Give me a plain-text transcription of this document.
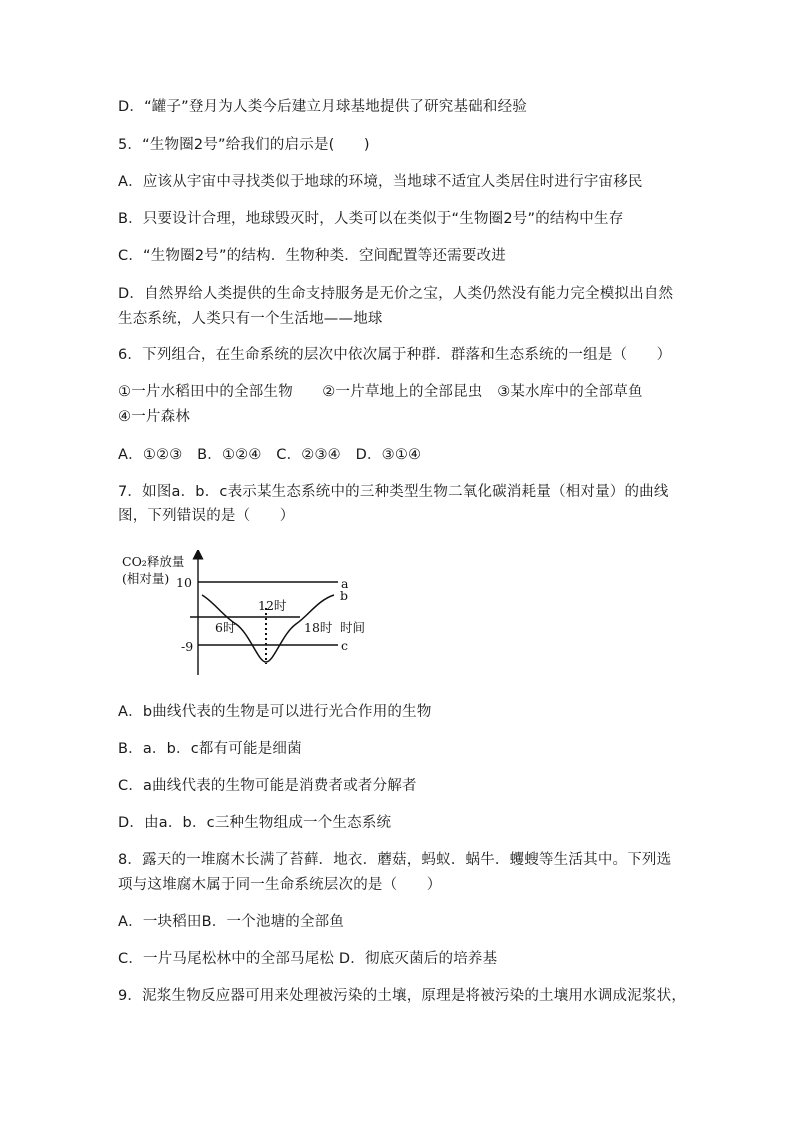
D．“罐子”登月为人类今后建立月球基地提供了研究基础和经验
5．“生物圈2号”给我们的启示是(　　)
A．应该从宇宙中寻找类似于地球的环境，当地球不适宜人类居住时进行宇宙移民
B．只要设计合理，地球毁灭时，人类可以在类似于“生物圈2号”的结构中生存
C．“生物圈2号”的结构．生物种类．空间配置等还需要改进
D．自然界给人类提供的生命支持服务是无价之宝，人类仍然没有能力完全模拟出自然
生态系统，人类只有一个生活地——地球
6．下列组合，在生命系统的层次中依次属于种群．群落和生态系统的一组是（　　）
①一片水稻田中的全部生物　　②一片草地上的全部昆虫　③某水库中的全部草鱼
④一片森林
A．①②③　B．①②④　C．②③④　D．③①④
7．如图a．b．c表示某生态系统中的三种类型生物二氧化碳消耗量（相对量）的曲线
图，下列错误的是（　　）
A．b曲线代表的生物是可以进行光合作用的生物
B．a．b．c都有可能是细菌
C．a曲线代表的生物可能是消费者或者分解者
D．由a．b．c三种生物组成一个生态系统
8．露天的一堆腐木长满了苔藓．地衣．蘑菇，蚂蚁．蜗牛．蠼螋等生活其中。下列选
项与这堆腐木属于同一生命系统层次的是（　　）
A．一块稻田B．一个池塘的全部鱼
C．一片马尾松林中的全部马尾松 D．彻底灭菌后的培养基
9．泥浆生物反应器可用来处理被污染的土壤，原理是将被污染的土壤用水调成泥浆状，
CO₂释放量
(相对量) 10
-9
12时
6时	18时 时间
a
b
c
